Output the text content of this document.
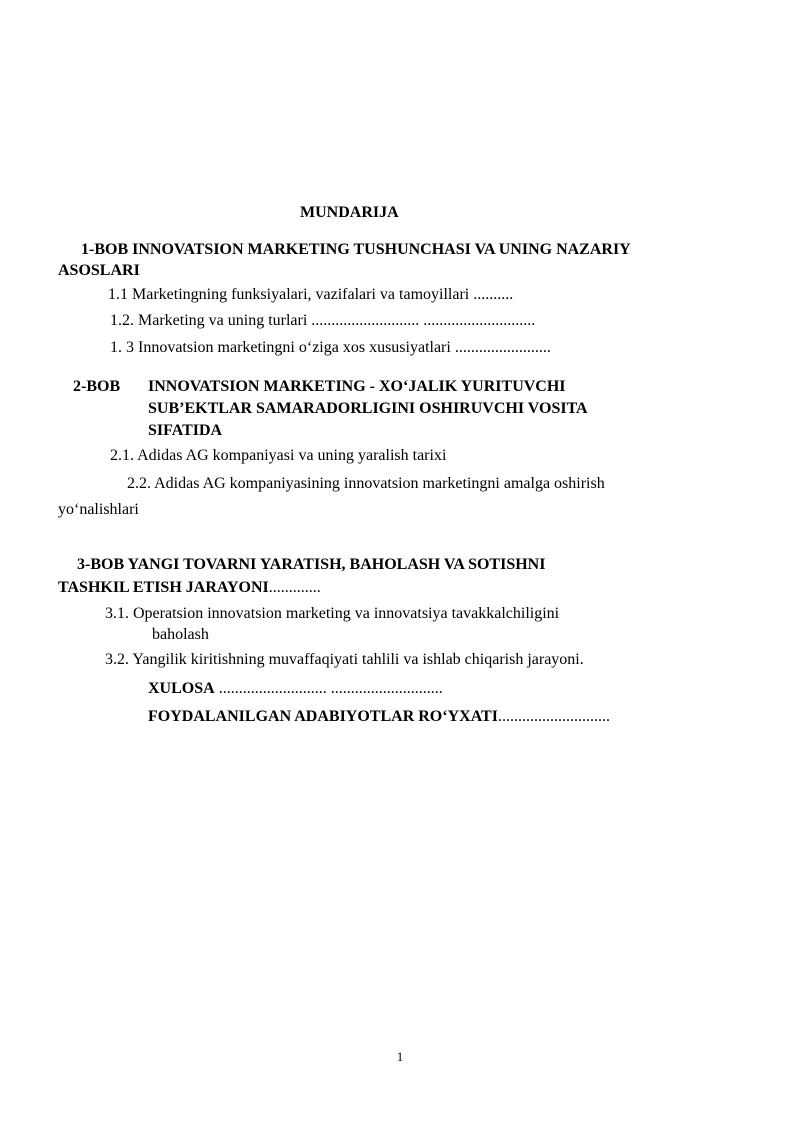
MUNDARIJA
1-BOB INNOVATSION MARKETING TUSHUNCHASI VA UNING NAZARIY
ASOSLARI
1.1 Marketingning funksiyalari, vazifalari va tamoyillari ..........
1.2. Marketing va uning turlari ........................... ............................
1. 3 Innovatsion marketingni o‘ziga xos xususiyatlari ........................
2-BOB INNOVATSION MARKETING - XO‘JALIK YURITUVCHI
SUB’EKTLAR SAMARADORLIGINI OSHIRUVCHI VOSITA
SIFATIDA
2.1. Adidas AG kompaniyasi va uning yaralish tarixi
2.2. Adidas AG kompaniyasining innovatsion marketingni amalga oshirish
yo‘nalishlari
3-BOB YANGI TOVARNI YARATISH, BAHOLASH VA SOTISHNI
TASHKIL ETISH JARAYONI.............
3.1. Operatsion innovatsion marketing va innovatsiya tavakkalchiligini
baholash
3.2. Yangilik kiritishning muvaffaqiyati tahlili va ishlab chiqarish jarayoni.
XULOSA ........................... ............................
FOYDALANILGAN ADABIYOTLAR RO‘YXATI............................
1
